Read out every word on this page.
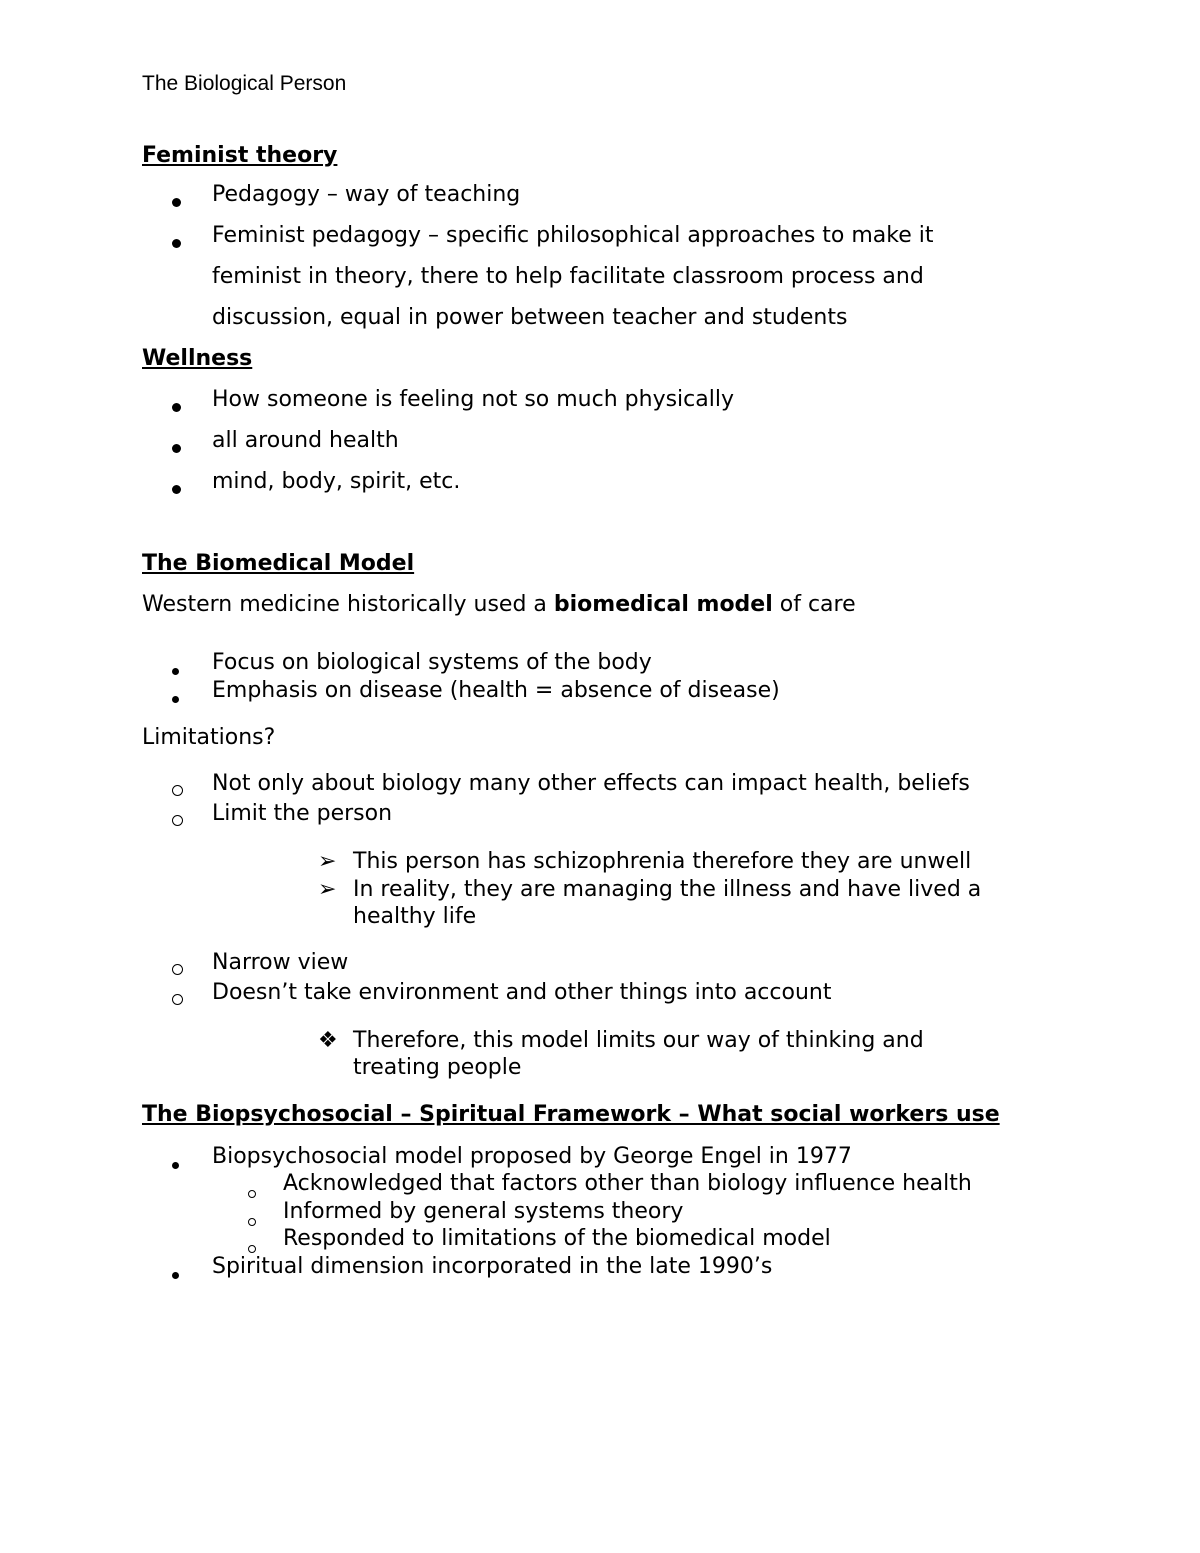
The Biological Person
Feminist theory
Pedagogy – way of teaching
Feminist pedagogy – specific philosophical approaches to make it
feminist in theory, there to help facilitate classroom process and
discussion, equal in power between teacher and students
Wellness
How someone is feeling not so much physically
all around health
mind, body, spirit, etc.
The Biomedical Model
Western medicine historically used a biomedical model of care
Focus on biological systems of the body
Emphasis on disease (health = absence of disease)
Limitations?
Not only about biology many other effects can impact health, beliefs
Limit the person
➢ This person has schizophrenia therefore they are unwell
➢ In reality, they are managing the illness and have lived a
healthy life
Narrow view
Doesn’t take environment and other things into account
❖ Therefore, this model limits our way of thinking and
treating people
The Biopsychosocial – Spiritual Framework – What social workers use
Biopsychosocial model proposed by George Engel in 1977
Acknowledged that factors other than biology influence health
Informed by general systems theory
Responded to limitations of the biomedical model
Spiritual dimension incorporated in the late 1990’s
